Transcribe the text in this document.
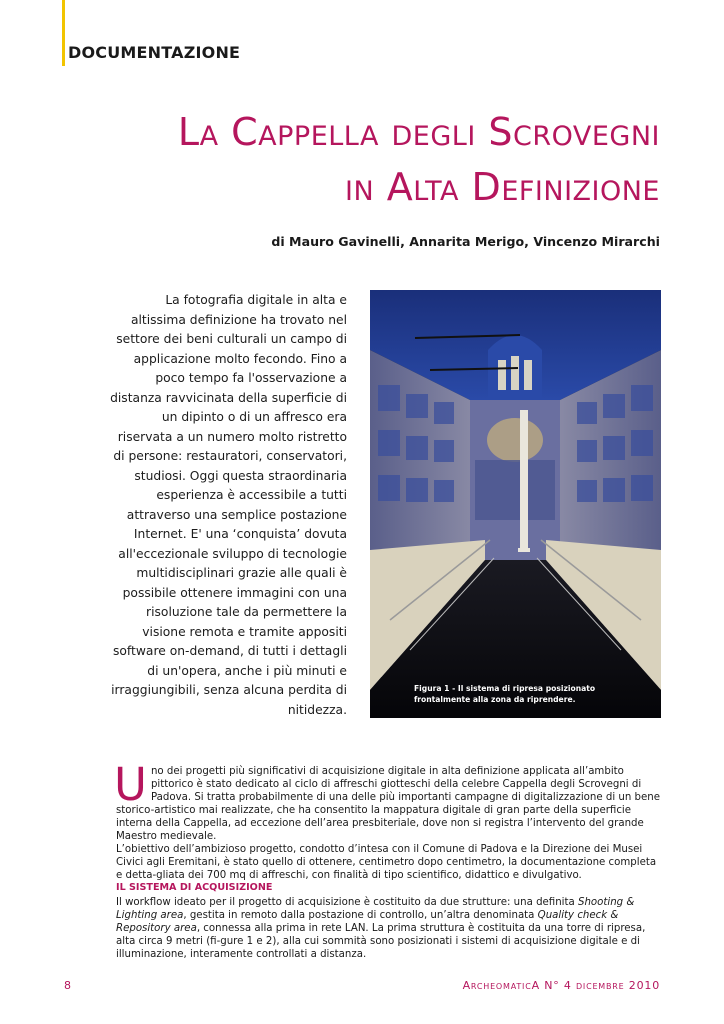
DOCUMENTAZIONE
La Cappella degli Scrovegni
in Alta Definizione
di Mauro Gavinelli, Annarita Merigo, Vincenzo Mirarchi
La fotografia digitale in alta e altissima definizione ha trovato nel settore dei beni culturali un campo di applicazione molto fecondo. Fino a poco tempo fa l'osservazione a distanza ravvicinata della superficie di un dipinto o di un affresco era riservata a un numero molto ristretto di persone: restauratori, conservatori, studiosi. Oggi questa straordinaria esperienza è accessibile a tutti attraverso una semplice postazione Internet. E' una ‘conquista’ dovuta all'eccezionale sviluppo di tecnologie multidisciplinari grazie alle quali è possibile ottenere immagini con una risoluzione tale da permettere la visione remota e tramite appositi software on-demand, di tutti i dettagli di un'opera, anche i più minuti e irraggiungibili, senza alcuna perdita di nitidezza.
Figura 1 - Il sistema di ripresa posizionato frontalmente alla zona da riprendere.
U no dei progetti più significativi di acquisizione digitale in alta definizione applicata all’ambito pittorico è stato dedicato al ciclo di affreschi giotteschi della celebre Cappella degli Scrovegni di Padova. Si tratta probabilmente di una delle più importanti campagne di digitalizzazione di un bene storico-artistico mai realizzate, che ha consentito la mappatura digitale di gran parte della superficie interna della Cappella, ad eccezione dell’area presbiteriale, dove non si registra l’intervento del grande Maestro medievale.

L’obiettivo dell’ambizioso progetto, condotto d’intesa con il Comune di Padova e la Direzione dei Musei Civici agli Eremitani, è stato quello di ottenere, centimetro dopo centimetro, la documentazione completa e detta-gliata dei 700 mq di affreschi, con finalità di tipo scientifico, didattico e divulgativo.

IL SISTEMA DI ACQUISIZIONE

Il workflow ideato per il progetto di acquisizione è costituito da due strutture: una definita Shooting & Lighting area, gestita in remoto dalla postazione di controllo, un’altra denominata Quality check & Repository area, connessa alla prima in rete LAN. La prima struttura è costituita da una torre di ripresa, alta circa 9 metri (fi-gure 1 e 2), alla cui sommità sono posizionati i sistemi di acquisizione digitale e di illuminazione, interamente controllati a distanza.

8	ArcheomaticA N° 4 dicembre 2010
